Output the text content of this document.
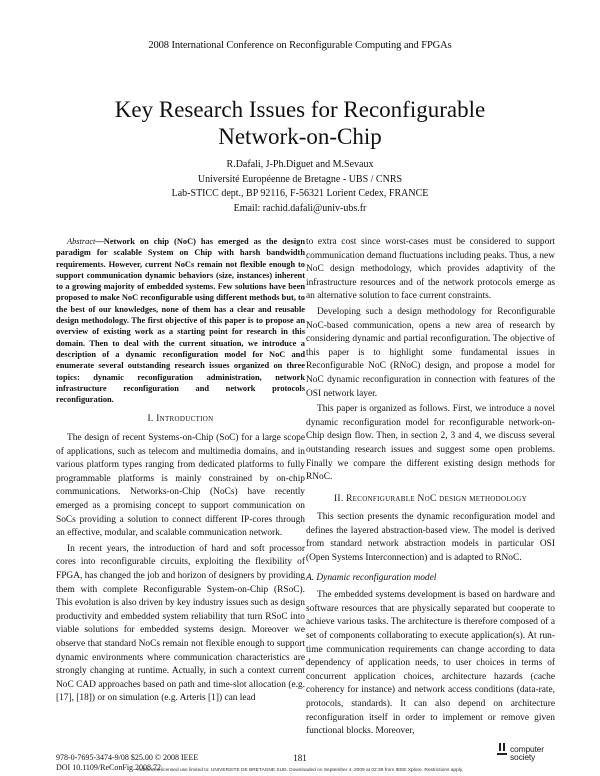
2008 International Conference on Reconfigurable Computing and FPGAs
Key Research Issues for Reconfigurable
Network-on-Chip
R.Dafali, J-Ph.Diguet and M.Sevaux
Université Européenne de Bretagne - UBS / CNRS
Lab-STICC dept., BP 92116, F-56321 Lorient Cedex, FRANCE
Email: rachid.dafali@univ-ubs.fr

Abstract—Network on chip (NoC) has emerged as the design paradigm for scalable System on Chip with harsh bandwidth requirements. However, current NoCs remain not flexible enough to support communication dynamic behaviors (size, instances) inherent to a growing majority of embedded systems. Few solutions have been proposed to make NoC reconfigurable using different methods but, to the best of our knowledges, none of them has a clear and reusable design methodology. The first objective of this paper is to propose an overview of existing work as a starting point for research in this domain. Then to deal with the current situation, we introduce a description of a dynamic reconfiguration model for NoC and enumerate several outstanding research issues organized on three topics: dynamic reconfiguration administration, network infrastructure reconfiguration and network protocols reconfiguration.

I. Introduction

The design of recent Systems-on-Chip (SoC) for a large scope of applications, such as telecom and multimedia domains, and in various platform types ranging from dedicated platforms to fully programmable platforms is mainly constrained by on-chip communications. Networks-on-Chip (NoCs) have recently emerged as a promising concept to support communication on SoCs providing a solution to connect different IP-cores through an effective, modular, and scalable communication network.

In recent years, the introduction of hard and soft processor cores into reconfigurable circuits, exploiting the flexibility of FPGA, has changed the job and horizon of designers by providing them with complete Reconfigurable System-on-Chip (RSoC). This evolution is also driven by key industry issues such as design productivity and embedded system reliability that turn RSoC into viable solutions for embedded systems design. Moreover we observe that standard NoCs remain not flexible enough to support dynamic environments where communication characteristics are strongly changing at runtime. Actually, in such a context current NoC CAD approaches based on path and time-slot allocation (e.g. [17], [18]) or on simulation (e.g. Arteris [1]) can lead

to extra cost since worst-cases must be considered to support communication demand fluctuations including peaks. Thus, a new NoC design methodology, which provides adaptivity of the infrastructure resources and of the network protocols emerge as an alternative solution to face current constraints.

Developing such a design methodology for Reconfigurable NoC-based communication, opens a new area of research by considering dynamic and partial reconfiguration. The objective of this paper is to highlight some fundamental issues in Reconfigurable NoC (RNoC) design, and propose a model for NoC dynamic reconfiguration in connection with features of the OSI network layer.

This paper is organized as follows. First, we introduce a novel dynamic reconfiguration model for reconfigurable network-on-Chip design flow. Then, in section 2, 3 and 4, we discuss several outstanding research issues and suggest some open problems. Finally we compare the different existing design methods for RNoC.

II. Reconfigurable NoC design methodology

This section presents the dynamic reconfiguration model and defines the layered abstraction-based view. The model is derived from standard network abstraction models in particular OSI (Open Systems Interconnection) and is adapted to RNoC.

A. Dynamic reconfiguration model

The embedded systems development is based on hardware and software resources that are physically separated but cooperate to achieve various tasks. The architecture is therefore composed of a set of components collaborating to execute application(s). At run-time communication requirements can change according to data dependency of application needs, to user choices in terms of concurrent application choices, architecture hazards (cache coherency for instance) and network access conditions (data-rate, protocols, standards). It can also depend on architecture reconfiguration itself in order to implement or remove given functional blocks. Moreover,

978-0-7695-3474-9/08 $25.00 © 2008 IEEE
DOI 10.1109/ReConFig.2008.72
181
computer
society
Authorized licensed use limited to: UNIVERSITE DE BRETAGNE SUD. Downloaded on September 4, 2009 at 02:39 from IEEE Xplore. Restrictions apply.
